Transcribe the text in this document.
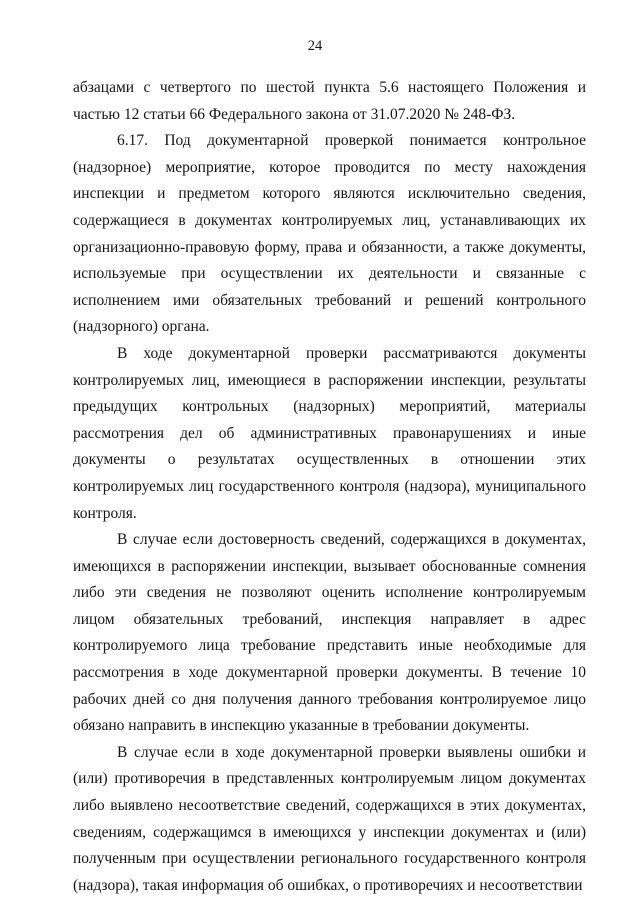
24

абзацами с четвертого по шестой пункта 5.6 настоящего Положения и частью 12 статьи 66 Федерального закона от 31.07.2020 № 248-ФЗ.

6.17. Под документарной проверкой понимается контрольное (надзорное) мероприятие, которое проводится по месту нахождения инспекции и предметом которого являются исключительно сведения, содержащиеся в документах контролируемых лиц, устанавливающих их организационно-правовую форму, права и обязанности, а также документы, используемые при осуществлении их деятельности и связанные с исполнением ими обязательных требований и решений контрольного (надзорного) органа.

В ходе документарной проверки рассматриваются документы контролируемых лиц, имеющиеся в распоряжении инспекции, результаты предыдущих контрольных (надзорных) мероприятий, материалы рассмотрения дел об административных правонарушениях и иные документы о результатах осуществленных в отношении этих контролируемых лиц государственного контроля (надзора), муниципального контроля.

В случае если достоверность сведений, содержащихся в документах, имеющихся в распоряжении инспекции, вызывает обоснованные сомнения либо эти сведения не позволяют оценить исполнение контролируемым лицом обязательных требований, инспекция направляет в адрес контролируемого лица требование представить иные необходимые для рассмотрения в ходе документарной проверки документы. В течение 10 рабочих дней со дня получения данного требования контролируемое лицо обязано направить в инспекцию указанные в требовании документы.

В случае если в ходе документарной проверки выявлены ошибки и (или) противоречия в представленных контролируемым лицом документах либо выявлено несоответствие сведений, содержащихся в этих документах, сведениям, содержащимся в имеющихся у инспекции документах и (или) полученным при осуществлении регионального государственного контроля (надзора), такая информация об ошибках, о противоречиях и несоответствии
